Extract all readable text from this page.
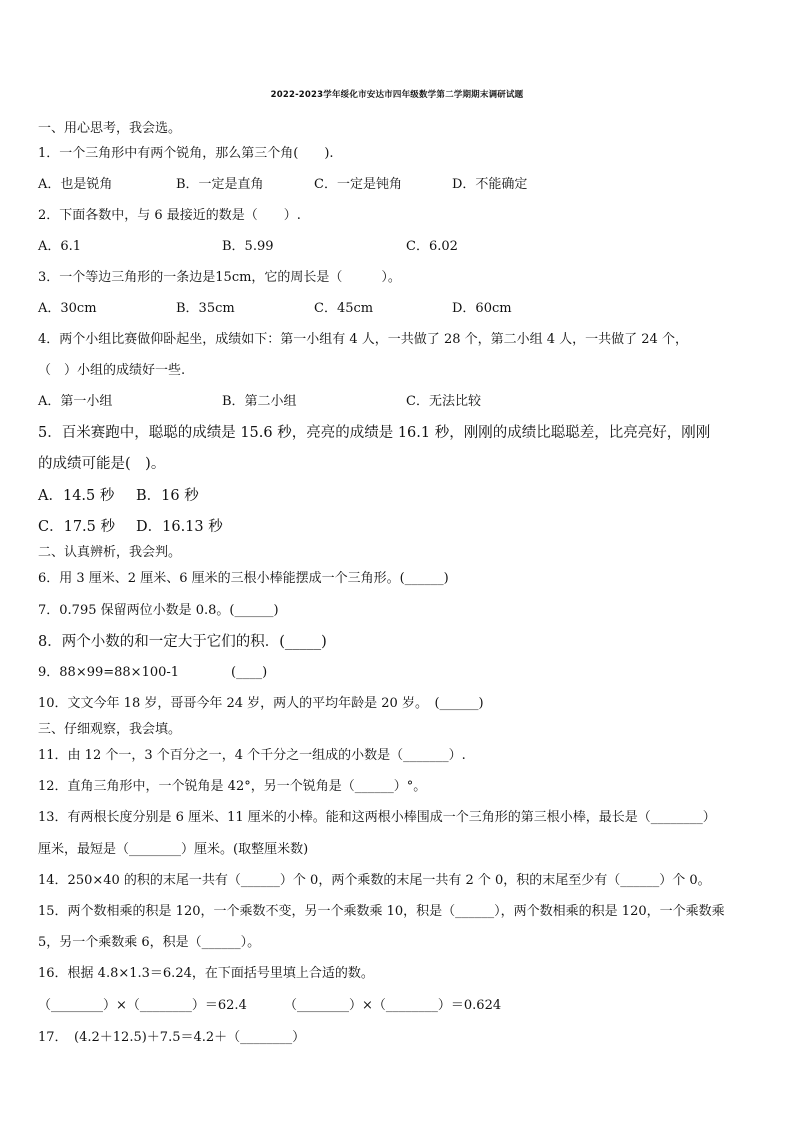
2022-2023学年绥化市安达市四年级数学第二学期期末调研试题
一、用心思考，我会选。
1．一个三角形中有两个锐角，那么第三个角(　　).
A．也是锐角	B．一定是直角	C．一定是钝角	D．不能确定
2．下面各数中，与 6 最接近的数是（　　）.
A．6.1	B．5.99	C．6.02
3．一个等边三角形的一条边是15cm，它的周长是（　　　）。
A．30cm	B．35cm	C．45cm	D．60cm
4．两个小组比赛做仰卧起坐，成绩如下：第一小组有 4 人，一共做了 28 个，第二小组 4 人，一共做了 24 个，
（　）小组的成绩好一些.
A．第一小组	B．第二小组	C．无法比较
5．百米赛跑中，聪聪的成绩是 15.6 秒，亮亮的成绩是 16.1 秒，刚刚的成绩比聪聪差，比亮亮好，刚刚
的成绩可能是(　)。
A．14.5 秒 B．16 秒
C．17.5 秒 D．16.13 秒
二、认真辨析，我会判。
6．用 3 厘米、2 厘米、6 厘米的三根小棒能摆成一个三角形。(______)
7．0.795 保留两位小数是 0.8。(______)
8．两个小数的和一定大于它们的积．(_____)
9．88×99=88×100-1　　　　(____)
10．文文今年 18 岁，哥哥今年 24 岁，两人的平均年龄是 20 岁。　(______)
三、仔细观察，我会填。
11．由 12 个一，3 个百分之一，4 个千分之一组成的小数是（_______）.
12．直角三角形中，一个锐角是 42°，另一个锐角是（______）°。
13．有两根长度分别是 6 厘米、11 厘米的小棒。能和这两根小棒围成一个三角形的第三根小棒，最长是（________）
厘米，最短是（________）厘米。(取整厘米数)
14．250×40 的积的末尾一共有（______）个 0，两个乘数的末尾一共有 2 个 0，积的末尾至少有（______）个 0。
15．两个数相乘的积是 120，一个乘数不变，另一个乘数乘 10，积是（______），两个数相乘的积是 120，一个乘数乘
5，另一个乘数乘 6，积是（______）。
16．根据 4.8×1.3＝6.24，在下面括号里填上合适的数。
（________）×（________）＝62.4	（________）×（________）＝0.624
17．　(4.2＋12.5)＋7.5＝4.2＋（________）
